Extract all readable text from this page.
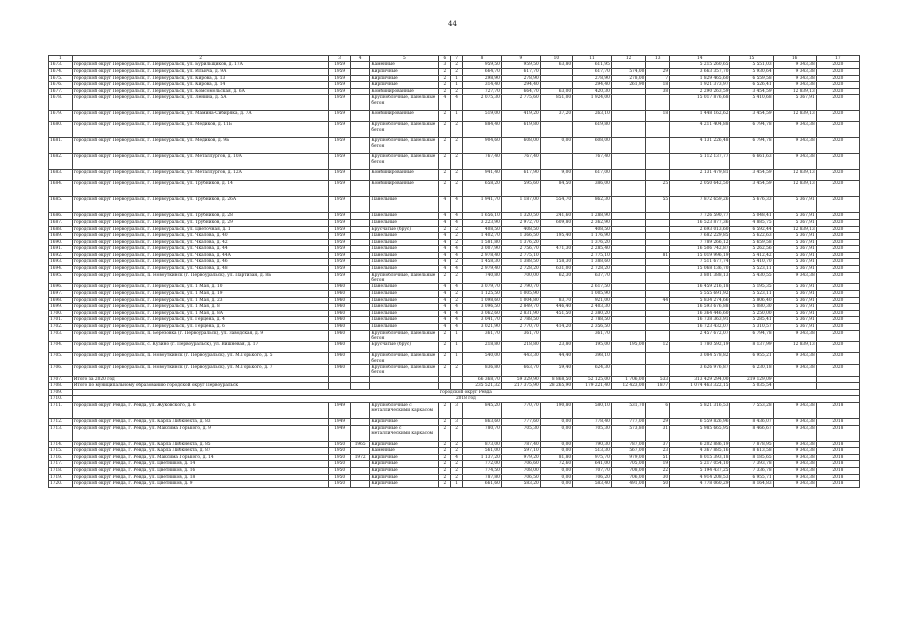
44
1	2	3	4	5	6	7	8	9	10	11	12	13	14	15	16	17
1673.	городской округ Первоуральск, г. Первоуральск, ул. Бурильщиков, д. 17А	1959		Каменные	3	2	959,50	959,50	63,80	611,95			5 215 260,65	5 551,03	9 343,38	2020
1674.	городской округ Первоуральск, г. Первоуральск, ул. Ильича, д. 9А	1959		Кирпичные	2	2	664,70	617,70		617,70	574,00	29	3 663 357,70	5 930,64	9 343,38	2020
1675.	городской округ Первоуральск, г. Первоуральск, ул. Кирова, д. 13	1959		Кирпичные	2	1	298,90	278,90		278,90	278,00	7	1 829 465,60	6 559,58	9 343,38	2020
1676.	городской округ Первоуральск, г. Первоуральск, ул. Кирова, д. 14	1959		Кирпичные	2	1	314,40	294,40		294,40	261,90	18	1 921 373,97	6 526,41	9 343,38	2020
1677.	городской округ Первоуральск, г. Первоуральск, ул. Комсомольская, д. 6А	1959		Комбинированные	2	2	727,70	664,70	63,00	420,30		38	2 290 263,59	3 454,59	12 839,13	2020
1678.	городской округ Первоуральск, г. Первоуральск, ул. Ленина, д. 5А	1959		Крупноблочные, панельные бетон	4	4	2 075,30	2 775,60	851,00	1 924,00			15 017 876,68	5 410,68	5 367,91	2020
1679.	городской округ Первоуральск, г. Первоуральск, ул. Мамина-Сибиряка, д. 7А	1959		Комбинированные	2	1	519,00	419,20	37,20	263,10		18	1 448 162,62	3 454,59	12 839,13	2020
1680.	городской округ Первоуральск, г. Первоуральск, ул. Медиков, д. 11Б	1959		Крупноблочные, панельные бетон	2	2	884,40	619,80		619,80			4 211 404,88	6 794,78	9 343,38	2020
1681.	городской округ Первоуральск, г. Первоуральск, ул. Медиков, д. 9Б	1959		Крупноблочные, панельные бетон	2	2	904,60	608,00	0,00	608,00			4 131 226,48	6 794,78	9 343,38	2020
1682.	городской округ Первоуральск, г. Первоуральск, ул. Металлургов, д. 10А	1959		Крупноблочные, панельные бетон	2	2	767,40	767,40		767,40			5 112 137,77	6 661,63	9 343,38	2020
1683.	городской округ Первоуральск, г. Первоуральск, ул. Металлургов, д. 12А	1959		Комбинированные	2	2	941,40	617,90	9,00	617,00			2 131 479,81	3 454,59	12 839,13	2020
1684.	городской округ Первоуральск, г. Первоуральск, ул. Трубников, д. 14	1959		Комбинированные	2	2	658,20	595,60	84,50	386,00		25	2 050 642,50	3 454,59	12 839,13	2020
1685.	городской округ Первоуральск, г. Первоуральск, ул. Трубников, д. 26А	1959		Панельные	4	4	1 941,70	1 187,00	554,70	862,30		55	7 872 659,26	5 676,33	5 367,91	2020
1686.	городской округ Первоуральск, г. Первоуральск, ул. Трубников, д. 28	1959		Панельные	4	4	1 656,10	1 320,50	241,60	1 288,90			7 726 590,77	5 048,41	5 367,91	2020
1687.	городской округ Первоуральск, г. Первоуральск, ул. Трубников, д. 29	1959		Панельные	4	4	3 223,90	2 972,70	609,80	2 362,90			16 523 877,36	4 885,75	5 367,91	2020
1688.	городской округ Первоуральск, г. Первоуральск, ул. Цветочная, д. 1	1959		Брусчатые (брус)	2	2	408,50	408,50		408,50			2 693 013,60	6 592,44	12 839,13	2020
1689.	городской округ Первоуральск, г. Первоуральск, ул. Чкалова, д. 40	1959		Панельные	4	2	1 402,70	1 366,50	195,40	1 176,90			7 682 229,85	5 622,63	5 367,91	2020
1690.	городской округ Первоуральск, г. Первоуральск, ул. Чкалова, д. 42	1959		Панельные	4	2	1 581,80	1 376,20		1 376,20			7 789 266,12	5 659,58	5 367,91	2020
1691.	городской округ Первоуральск, г. Первоуральск, ул. Чкалова, д. 44	1959		Панельные	4	4	3 007,90	2 756,70	471,30	2 285,40			16 506 742,87	5 262,56	5 367,91	2020
1692.	городской округ Первоуральск, г. Первоуральск, ул. Чкалова, д. 44А	1959		Панельные	4	4	2 978,40	2 775,10		2 775,10		81	15 019 996,19	5 412,42	5 367,91	2020
1693.	городской округ Первоуральск, г. Первоуральск, ул. Чкалова, д. 46	1959		Панельные	4	2	1 458,30	1 388,50	158,30	1 388,60			7 511 677,74	5 410,70	5 367,91	2020
1694.	городской округ Первоуральск, г. Первоуральск, ул. Чкалова, д. 48	1959		Панельные	4	4	2 979,40	2 728,20	631,00	2 728,20			15 068 136,70	5 523,11	5 367,91	2020
1695.	городской округ Первоуральск, п. Новоуткинск (г. Первоуральск), ул. Партизан, д. 8Б	1959		Крупноблочные, панельные бетон	2	2	740,80	700,00	62,30	637,70			3 801 388,13	5 430,55	9 343,38	2020
1696.	городской округ Первоуральск, г. Первоуральск, ул. 1 Мая, д. 10	1960		Панельные	4	4	3 079,70	2 790,70		2 617,50			16 459 216,18	5 195,35	5 367,91	2020
1697.	городской округ Первоуральск, г. Первоуральск, ул. 1 Мая, д. 19	1960		Панельные	4	2	1 125,50	1 005,90		1 005,90			5 555 691,92	5 523,11	5 367,91	2020
1698.	городской округ Первоуральск, г. Первоуральск, ул. 1 Мая, д. 23	1960		Панельные	4	2	1 098,60	1 004,80	83,70	921,00		44	5 834 274,66	5 806,40	5 367,91	2020
1699.	городской округ Первоуральск, г. Первоуральск, ул. 1 Мая, д. 8	1960		Панельные	4	4	3 096,50	2 849,70	446,40	2 403,30			16 593 676,88	5 080,30	5 367,91	2020
1700.	городской округ Первоуральск, г. Первоуральск, ул. 1 Мая, д. 8А	1960		Панельные	4	4	3 062,60	2 831,90	451,50	2 380,20			16 364 446,60	5 250,00	5 367,91	2020
1701.	городской округ Первоуральск, г. Первоуральск, ул. Герцена, д. 4	1960		Панельные	4	4	3 041,70	2 788,50		2 788,50			16 738 363,91	5 285,41	5 367,91	2020
1702.	городской округ Первоуральск, г. Первоуральск, ул. Герцена, д. 6	1960		Панельные	4	4	3 021,90	2 770,70	414,20	2 356,50			16 723 432,07	5 310,57	5 367,91	2020
1703.	городской округ Первоуральск, п. Березовка (г. Первоуральск), ул. Заводская, д. 9	1960		Крупноблочные, панельные бетон	2	1	361,70	361,70		361,70			2 457 672,07	6 794,78	9 343,38	2020
1704.	городской округ Первоуральск, с. Кузино (г. Первоуральск), ул. Вишнёвая, д. 17	1960		Брусчатые (брус)	2	1	218,80	218,80	23,80	195,00	195,00	12	1 780 592,19	8 137,99	12 839,13	2020
1705.	городской округ Первоуральск, п. Новоуткинск (г. Первоуральск), ул. М.Горького, д. 5	1960		Крупноблочные, панельные бетон	2	1	540,00	443,30	44,40	398,10			3 084 578,82	6 955,21	9 343,38	2020
1706.	городской округ Первоуральск, п. Новоуткинск (г. Первоуральск), ул. М.Горького, д. 7	1960		Крупноблочные, панельные бетон	2	2	836,80	663,70	59,40	624,30			3 626 976,87	6 230,18	9 343,38	2020
1707.	Итого за 2020 год						66 368,70	59 329,90	8 868,50	52 125,00	1 706,00	533	313 429 294,00	219 129,09		
1708.	Итого по муниципальному образованию городской округ Первоуральск						235 521,32	217 375,90	28 265,90	179 221,40	12 423,00	1877	1 074 463 322,15	5 035,54		
1709.	городской округ Ревда															
1710.	2018 год															
1711.	городской округ Ревда, г. Ревда, ул. Жуковского, д. 6	1949		Крупноблочные с металлическими каркасом	2	3	845,20	770,70	190,80	580,10	531,70	6	5 821 316,53	7 553,28	9 343,38	2018
1712.	городской округ Ревда, г. Ревда, ул. Карла Либкнехта, д. 83	1949		Кирпичные	2	3	863,60	777,60	0,00	778,40	777,00	29	6 559 826,96	8 436,07	9 343,38	2018
1713.	городской округ Ревда, г. Ревда, ул. Максима Горького, д. 9	1949		Кирпичные с металлическими каркасом	2	2	780,70	705,30	0,00	705,30	573,80	31	5 985 665,95	8 466,67	9 343,38	2018
1714.	городской округ Ревда, г. Ревда, ул. Карла Либкнехта, д. 85	1950	1965	Кирпичные	2	2	873,00	787,40	0,00	790,30	787,00	37	6 202 886,19	7 878,95	9 343,38	2018
1715.	городской округ Ревда, г. Ревда, ул. Карла Либкнехта, д. 87	1950		Каменные	2	2	561,00	597,10	0,00	513,30	567,00	23	4 367 885,16	8 613,58	9 343,38	2018
1716.	городской округ Ревда, г. Ревда, ул. Максима Горького, д. 14	1950	1972	Кирпичные	2	4	1 137,20	979,20	81,80	975,70	979,00	51	8 015 393,18	8 185,65	9 343,38	2018
1717.	городской округ Ревда, г. Ревда, ул. Цветников, д. 14	1950		Кирпичные	2	2	772,00	706,60	72,60	641,00	705,00	19	5 217 054,10	7 393,78	9 343,38	2018
1718.	городской округ Ревда, г. Ревда, ул. Цветников, д. 16	1950		Кирпичные	2	2	774,50	708,00	0,00	707,70	708,00	22	5 194 437,25	7 336,78	9 343,38	2018
1719.	городской округ Ревда, г. Ревда, ул. Цветников, д. 18	1950		Кирпичные	2	2	787,80	706,50	0,00	706,20	706,00	30	4 914 208,53	6 955,71	9 343,38	2018
1720.	городской округ Ревда, г. Ревда, ул. Цветников, д. 9	1950		Кирпичные	2	1	661,60	583,20	0,00	583,40	491,00	50	4 778 060,29	8 164,83	9 343,38	2018
